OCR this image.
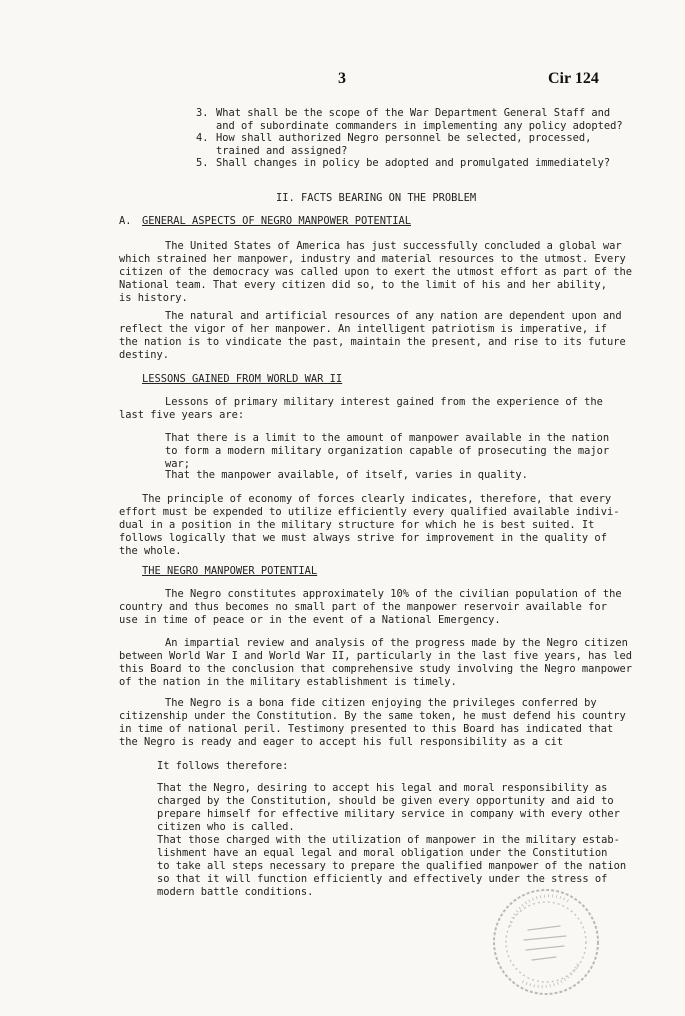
3	Cir 124
3. What shall be the scope of the War Department General Staff and
and of subordinate commanders in implementing any policy adopted?
4. How shall authorized Negro personnel be selected, processed,
trained and assigned?
5. Shall changes in policy be adopted and promulgated immediately?
II. FACTS BEARING ON THE PROBLEM
A. GENERAL ASPECTS OF NEGRO MANPOWER POTENTIAL
The United States of America has just successfully concluded a global war
which strained her manpower, industry and material resources to the utmost. Every
citizen of the democracy was called upon to exert the utmost effort as part of the
National team. That every citizen did so, to the limit of his and her ability,
is history.
The natural and artificial resources of any nation are dependent upon and
reflect the vigor of her manpower. An intelligent patriotism is imperative, if
the nation is to vindicate the past, maintain the present, and rise to its future
destiny.
LESSONS GAINED FROM WORLD WAR II
Lessons of primary military interest gained from the experience of the
last five years are:
That there is a limit to the amount of manpower available in the nation
to form a modern military organization capable of prosecuting the major
war;
That the manpower available, of itself, varies in quality.
The principle of economy of forces clearly indicates, therefore, that every
effort must be expended to utilize efficiently every qualified available indivi-
dual in a position in the military structure for which he is best suited. It
follows logically that we must always strive for improvement in the quality of
the whole.
THE NEGRO MANPOWER POTENTIAL
The Negro constitutes approximately 10% of the civilian population of the
country and thus becomes no small part of the manpower reservoir available for
use in time of peace or in the event of a National Emergency.
An impartial review and analysis of the progress made by the Negro citizen
between World War I and World War II, particularly in the last five years, has led
this Board to the conclusion that comprehensive study involving the Negro manpower
of the nation in the military establishment is timely.
The Negro is a bona fide citizen enjoying the privileges conferred by
citizenship under the Constitution. By the same token, he must defend his country
in time of national peril. Testimony presented to this Board has indicated that
the Negro is ready and eager to accept his full responsibility as a cit
It follows therefore:
That the Negro, desiring to accept his legal and moral responsibility as
charged by the Constitution, should be given every opportunity and aid to
prepare himself for effective military service in company with every other
citizen who is called.
That those charged with the utilization of manpower in the military estab-
lishment have an equal legal and moral obligation under the Constitution
to take all steps necessary to prepare the qualified manpower of the nation
so that it will function efficiently and effectively under the stress of
modern battle conditions.
